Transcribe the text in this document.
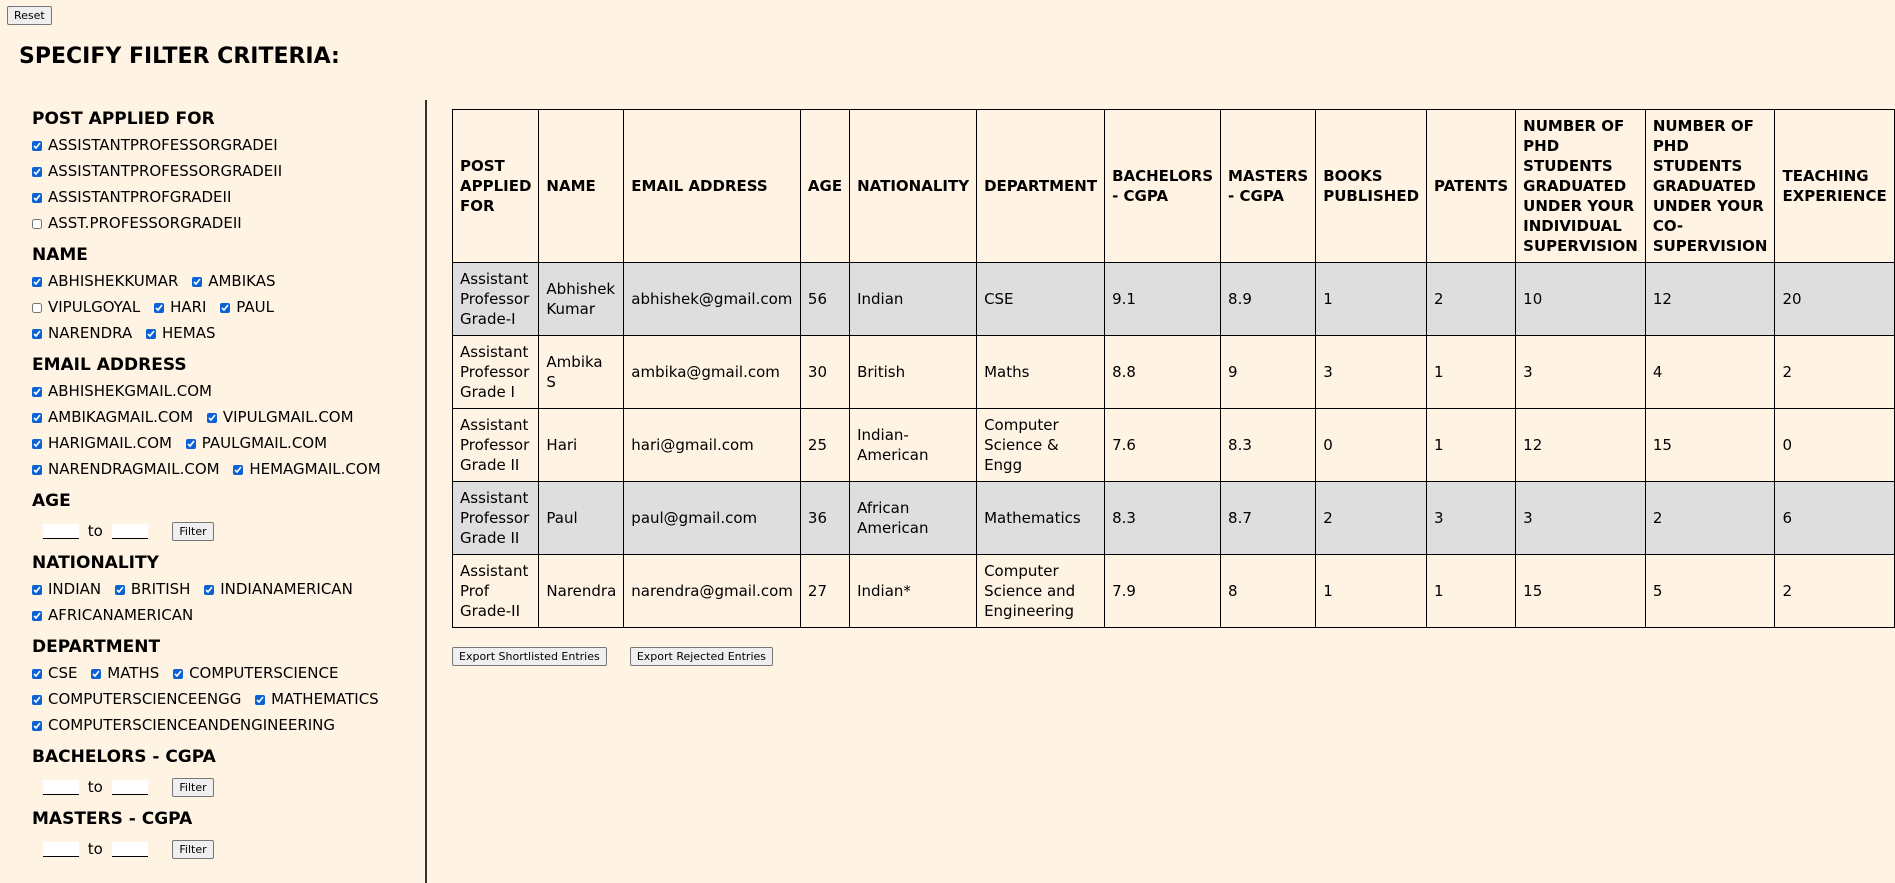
Reset
SPECIFY FILTER CRITERIA:
POST APPLIED FOR
ASSISTANTPROFESSORGRADEI ASSISTANTPROFESSORGRADEII ASSISTANTPROFGRADEII ASST.PROFESSORGRADEII
NAME
ABHISHEKKUMAR AMBIKAS VIPULGOYAL HARI PAUL NARENDRA HEMAS
EMAIL ADDRESS
ABHISHEKGMAIL.COM AMBIKAGMAIL.COM VIPULGMAIL.COM HARIGMAIL.COM PAULGMAIL.COM NARENDRAGMAIL.COM HEMAGMAIL.COM
AGE
to	Filter
NATIONALITY
INDIAN BRITISH INDIANAMERICAN AFRICANAMERICAN
DEPARTMENT
CSE MATHS COMPUTERSCIENCE COMPUTERSCIENCEENGG MATHEMATICS COMPUTERSCIENCEANDENGINEERING
BACHELORS - CGPA
to	Filter
MASTERS - CGPA
to	Filter
POST APPLIED FOR	NAME	EMAIL ADDRESS	AGE	NATIONALITY	DEPARTMENT	BACHELORS - CGPA	MASTERS - CGPA	BOOKS PUBLISHED	PATENTS	NUMBER OF PHD STUDENTS GRADUATED UNDER YOUR INDIVIDUAL SUPERVISION	NUMBER OF PHD STUDENTS GRADUATED UNDER YOUR CO-SUPERVISION	TEACHING EXPERIENCE
Assistant Professor Grade-I	Abhishek Kumar	abhishek@gmail.com	56	Indian	CSE	9.1	8.9	1	2	10	12	20
Assistant Professor Grade I	Ambika S	ambika@gmail.com	30	British	Maths	8.8	9	3	1	3	4	2
Assistant Professor Grade II	Hari	hari@gmail.com	25	Indian-American	Computer Science & Engg	7.6	8.3	0	1	12	15	0
Assistant Professor Grade II	Paul	paul@gmail.com	36	African American	Mathematics	8.3	8.7	2	3	3	2	6
Assistant Prof Grade-II	Narendra	narendra@gmail.com	27	Indian*	Computer Science and Engineering	7.9	8	1	1	15	5	2
Export Shortlisted Entries	Export Rejected Entries
